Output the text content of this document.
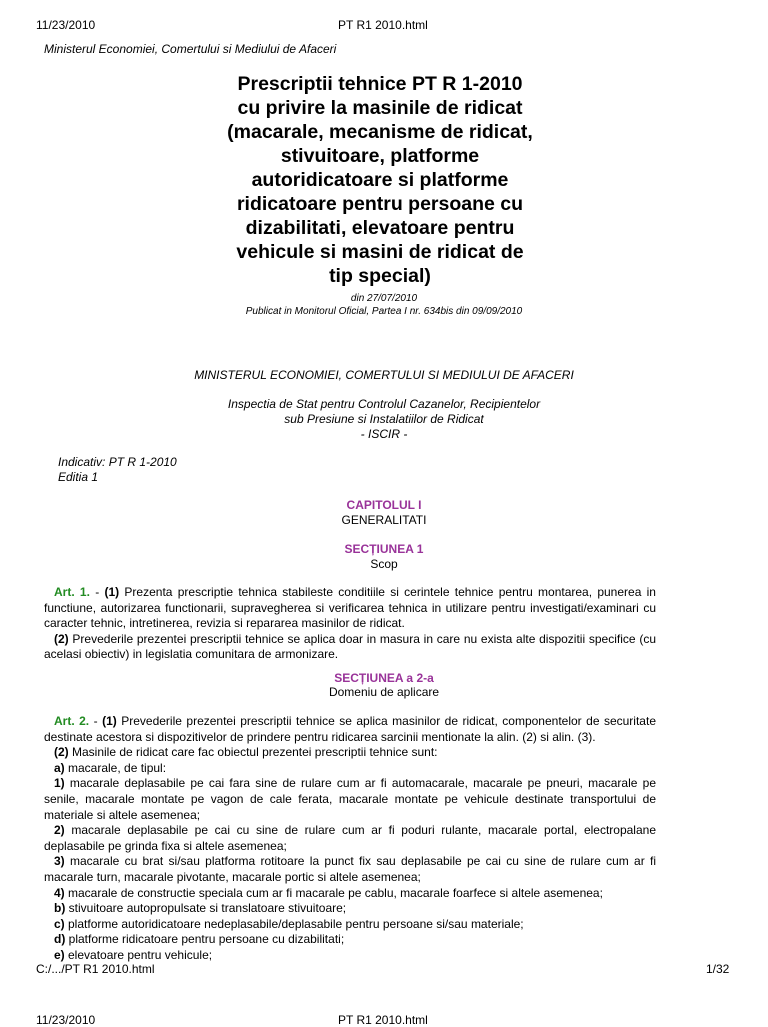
11/23/2010	PT R1 2010.html
Ministerul Economiei, Comertului si Mediului de Afaceri
Prescriptii tehnice PT R 1-2010
cu privire la masinile de ridicat
(macarale, mecanisme de ridicat,
stivuitoare, platforme
autoridicatoare si platforme
ridicatoare pentru persoane cu
dizabilitati, elevatoare pentru
vehicule si masini de ridicat de
tip special)
din 27/07/2010
Publicat in Monitorul Oficial, Partea I nr. 634bis din 09/09/2010
MINISTERUL ECONOMIEI, COMERTULUI SI MEDIULUI DE AFACERI
Inspectia de Stat pentru Controlul Cazanelor, Recipientelor
sub Presiune si Instalatiilor de Ridicat
- ISCIR -
Indicativ: PT R 1-2010
Editia 1
CAPITOLUL I
GENERALITATI
SECȚIUNEA 1
Scop

Art. 1. - (1) Prezenta prescriptie tehnica stabileste conditiile si cerintele tehnice pentru montarea, punerea in functiune, autorizarea functionarii, supravegherea si verificarea tehnica in utilizare pentru investigati/examinari cu caracter tehnic, intretinerea, revizia si repararea masinilor de ridicat.

(2) Prevederile prezentei prescriptii tehnice se aplica doar in masura in care nu exista alte dispozitii specifice (cu acelasi obiectiv) in legislatia comunitara de armonizare.

SECȚIUNEA a 2-a
Domeniu de aplicare

Art. 2. - (1) Prevederile prezentei prescriptii tehnice se aplica masinilor de ridicat, componentelor de securitate destinate acestora si dispozitivelor de prindere pentru ridicarea sarcinii mentionate la alin. (2) si alin. (3).

(2) Masinile de ridicat care fac obiectul prezentei prescriptii tehnice sunt:

a) macarale, de tipul:

1) macarale deplasabile pe cai fara sine de rulare cum ar fi automacarale, macarale pe pneuri, macarale pe senile, macarale montate pe vagon de cale ferata, macarale montate pe vehicule destinate transportului de materiale si altele asemenea;

2) macarale deplasabile pe cai cu sine de rulare cum ar fi poduri rulante, macarale portal, electropalane deplasabile pe grinda fixa si altele asemenea;

3) macarale cu brat si/sau platforma rotitoare la punct fix sau deplasabile pe cai cu sine de rulare cum ar fi macarale turn, macarale pivotante, macarale portic si altele asemenea;

4) macarale de constructie speciala cum ar fi macarale pe cablu, macarale foarfece si altele asemenea;

b) stivuitoare autopropulsate si translatoare stivuitoare;

c) platforme autoridicatoare nedeplasabile/deplasabile pentru persoane si/sau materiale;

d) platforme ridicatoare pentru persoane cu dizabilitati;

e) elevatoare pentru vehicule;

C:/.../PT R1 2010.html	1/32
11/23/2010	PT R1 2010.html
